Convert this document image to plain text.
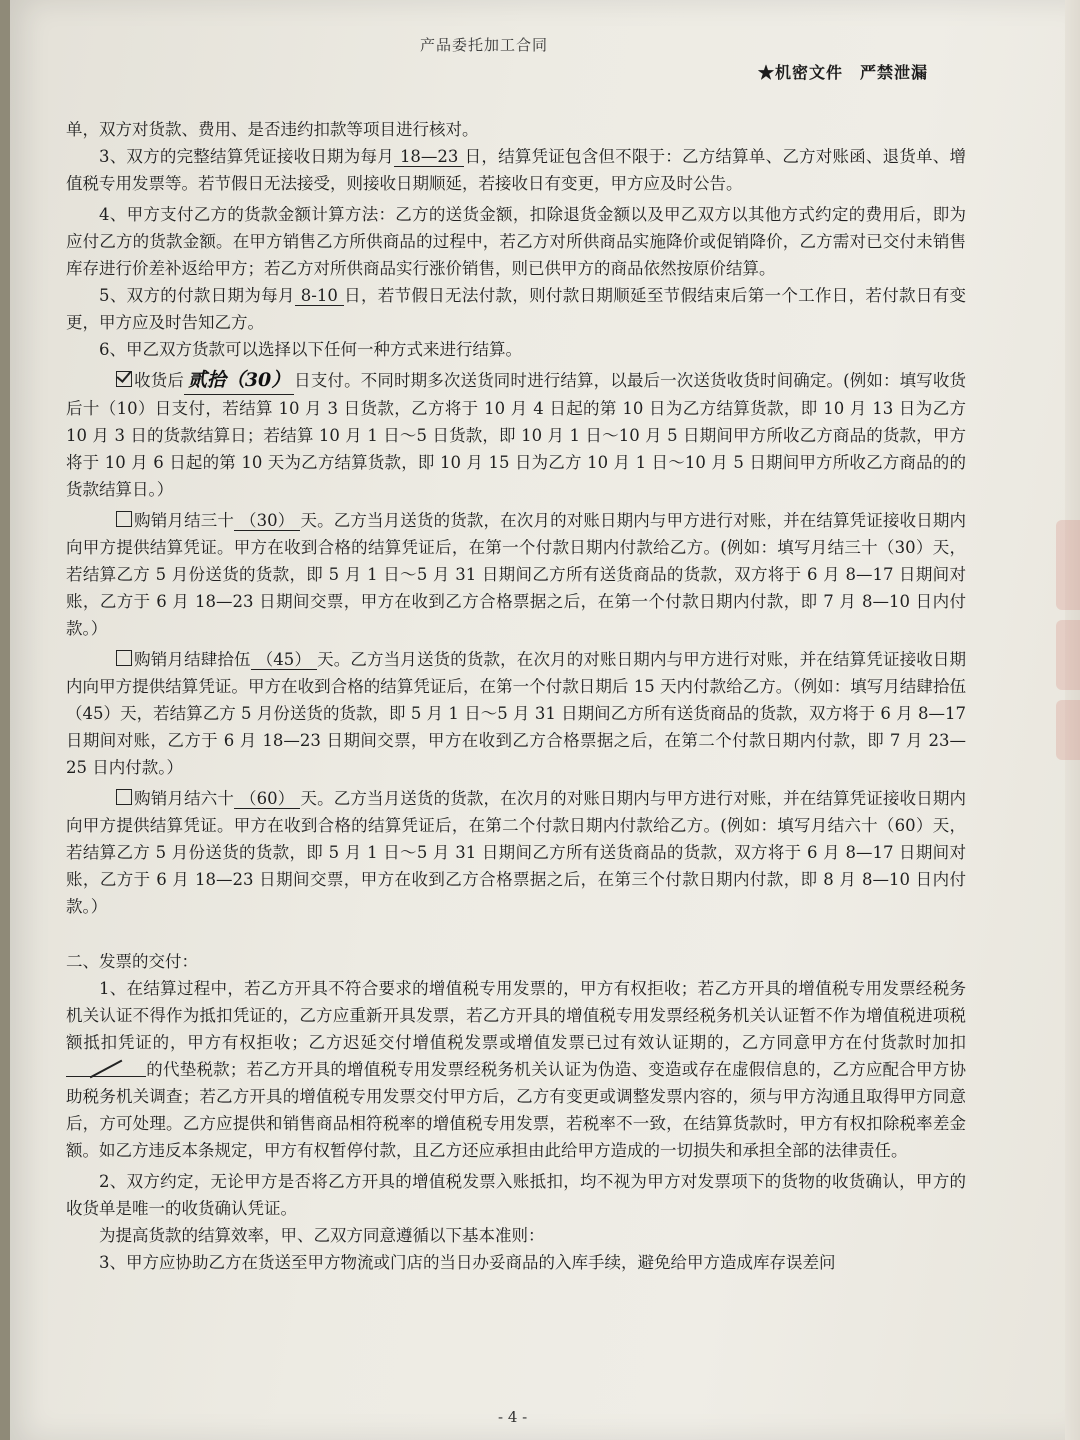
产品委托加工合同
★机密文件　严禁泄漏

单，双方对货款、费用、是否违约扣款等项目进行核对。

3、双方的完整结算凭证接收日期为每月 18—23 日，结算凭证包含但不限于：乙方结算单、乙方对账函、退货单、增值税专用发票等。若节假日无法接受，则接收日期顺延，若接收日有变更，甲方应及时公告。

4、甲方支付乙方的货款金额计算方法：乙方的送货金额，扣除退货金额以及甲乙双方以其他方式约定的费用后，即为应付乙方的货款金额。在甲方销售乙方所供商品的过程中，若乙方对所供商品实施降价或促销降价，乙方需对已交付未销售库存进行价差补返给甲方；若乙方对所供商品实行涨价销售，则已供甲方的商品依然按原价结算。

5、双方的付款日期为每月 8-10 日，若节假日无法付款，则付款日期顺延至节假结束后第一个工作日，若付款日有变更，甲方应及时告知乙方。

6、甲乙双方货款可以选择以下任何一种方式来进行结算。

收货后 贰拾（30） 日支付。不同时期多次送货同时进行结算，以最后一次送货收货时间确定。(例如：填写收货后十（10）日支付，若结算 10 月 3 日货款，乙方将于 10 月 4 日起的第 10 日为乙方结算货款，即 10 月 13 日为乙方 10 月 3 日的货款结算日；若结算 10 月 1 日～5 日货款，即 10 月 1 日～10 月 5 日期间甲方所收乙方商品的货款，甲方将于 10 月 6 日起的第 10 天为乙方结算货款，即 10 月 15 日为乙方 10 月 1 日～10 月 5 日期间甲方所收乙方商品的的货款结算日。）

购销月结三十 （30） 天。乙方当月送货的货款，在次月的对账日期内与甲方进行对账，并在结算凭证接收日期内向甲方提供结算凭证。甲方在收到合格的结算凭证后，在第一个付款日期内付款给乙方。(例如：填写月结三十（30）天，若结算乙方 5 月份送货的货款，即 5 月 1 日～5 月 31 日期间乙方所有送货商品的货款，双方将于 6 月 8—17 日期间对账，乙方于 6 月 18—23 日期间交票，甲方在收到乙方合格票据之后，在第一个付款日期内付款，即 7 月 8—10 日内付款。）

购销月结肆拾伍 （45） 天。乙方当月送货的货款，在次月的对账日期内与甲方进行对账，并在结算凭证接收日期内向甲方提供结算凭证。甲方在收到合格的结算凭证后，在第一个付款日期后 15 天内付款给乙方。（例如：填写月结肆拾伍（45）天，若结算乙方 5 月份送货的货款，即 5 月 1 日～5 月 31 日期间乙方所有送货商品的货款，双方将于 6 月 8—17 日期间对账，乙方于 6 月 18—23 日期间交票，甲方在收到乙方合格票据之后，在第二个付款日期内付款，即 7 月 23—25 日内付款。）

购销月结六十 （60） 天。乙方当月送货的货款，在次月的对账日期内与甲方进行对账，并在结算凭证接收日期内向甲方提供结算凭证。甲方在收到合格的结算凭证后，在第二个付款日期内付款给乙方。(例如：填写月结六十（60）天，若结算乙方 5 月份送货的货款，即 5 月 1 日～5 月 31 日期间乙方所有送货商品的货款，双方将于 6 月 8—17 日期间对账，乙方于 6 月 18—23 日期间交票，甲方在收到乙方合格票据之后，在第三个付款日期内付款，即 8 月 8—10 日内付款。）

二、发票的交付：

1、在结算过程中，若乙方开具不符合要求的增值税专用发票的，甲方有权拒收；若乙方开具的增值税专用发票经税务机关认证不得作为抵扣凭证的，乙方应重新开具发票，若乙方开具的增值税专用发票经税务机关认证暂不作为增值税进项税额抵扣凭证的，甲方有权拒收；乙方迟延交付增值税发票或增值发票已过有效认证期的，乙方同意甲方在付货款时加扣的代垫税款；若乙方开具的增值税专用发票经税务机关认证为伪造、变造或存在虚假信息的，乙方应配合甲方协助税务机关调查；若乙方开具的增值税专用发票交付甲方后，乙方有变更或调整发票内容的，须与甲方沟通且取得甲方同意后，方可处理。乙方应提供和销售商品相符税率的增值税专用发票，若税率不一致，在结算货款时，甲方有权扣除税率差金额。如乙方违反本条规定，甲方有权暂停付款，且乙方还应承担由此给甲方造成的一切损失和承担全部的法律责任。

2、双方约定，无论甲方是否将乙方开具的增值税发票入账抵扣，均不视为甲方对发票项下的货物的收货确认，甲方的收货单是唯一的收货确认凭证。

为提高货款的结算效率，甲、乙双方同意遵循以下基本准则：

3、甲方应协助乙方在货送至甲方物流或门店的当日办妥商品的入库手续，避免给甲方造成库存误差问

- 4 -
